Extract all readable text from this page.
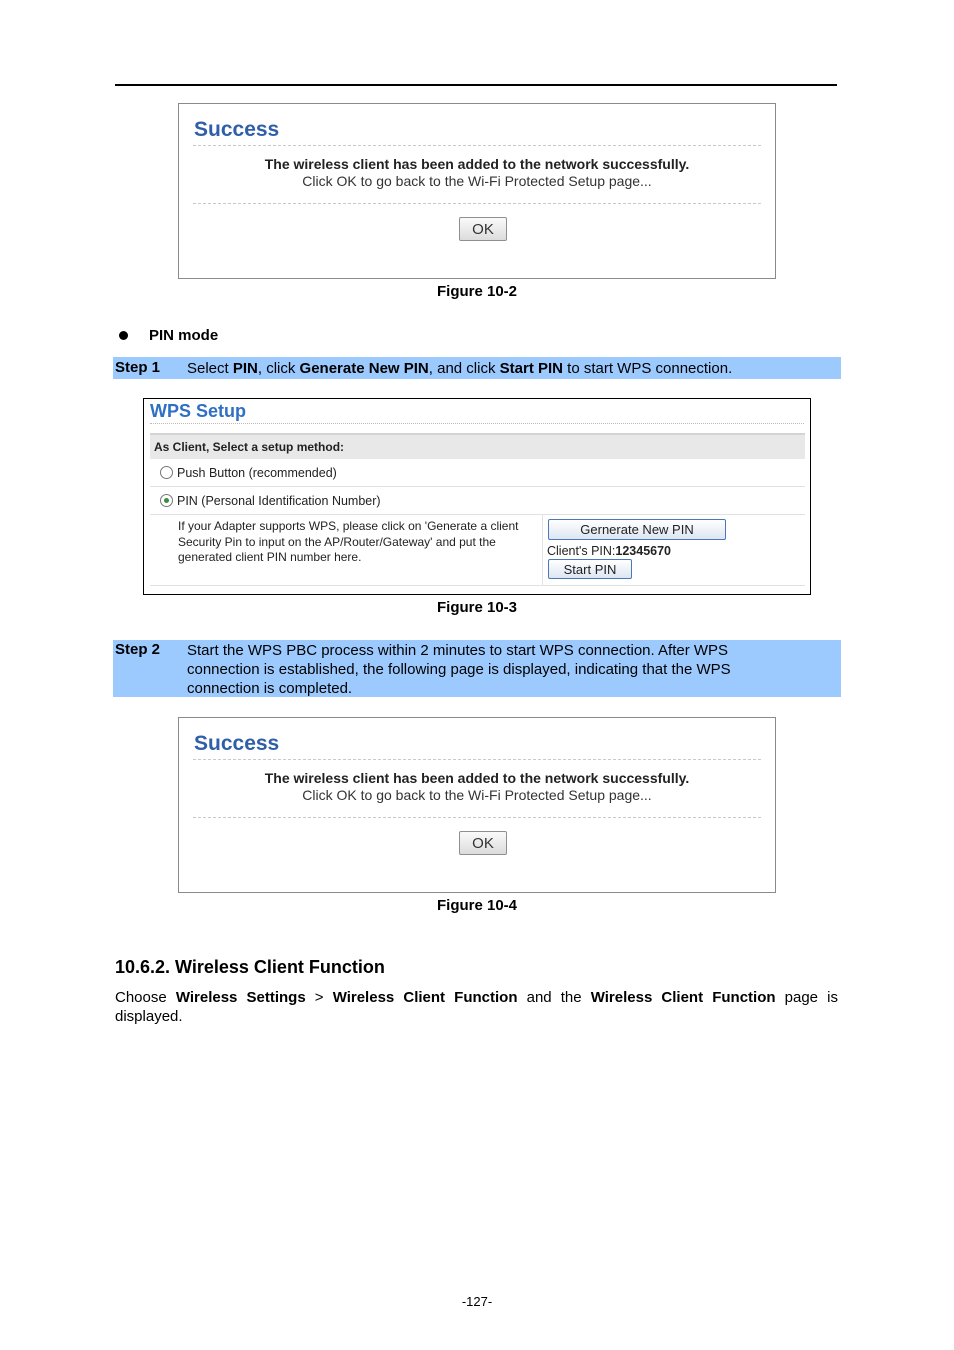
Success
The wireless client has been added to the network successfully.
Click OK to go back to the Wi-Fi Protected Setup page...
OK
Figure 10-2
PIN mode
Step 1 Select PIN, click Generate New PIN, and click Start PIN to start WPS connection.
WPS Setup
As Client, Select a setup method:
Push Button (recommended)
PIN (Personal Identification Number)
If your Adapter supports WPS, please click on 'Generate a client Security Pin to input on the AP/Router/Gateway' and put the generated client PIN number here.
Gernerate New PIN
Client's PIN:12345670
Start PIN
Figure 10-3
Step 2 Start the WPS PBC process within 2 minutes to start WPS connection. After WPS
connection is established, the following page is displayed, indicating that the WPS
connection is completed.
Success
The wireless client has been added to the network successfully.
Click OK to go back to the Wi-Fi Protected Setup page...
OK
Figure 10-4
10.6.2. Wireless Client Function
Choose Wireless Settings > Wireless Client Function and the Wireless Client Function page is displayed.
-127-
